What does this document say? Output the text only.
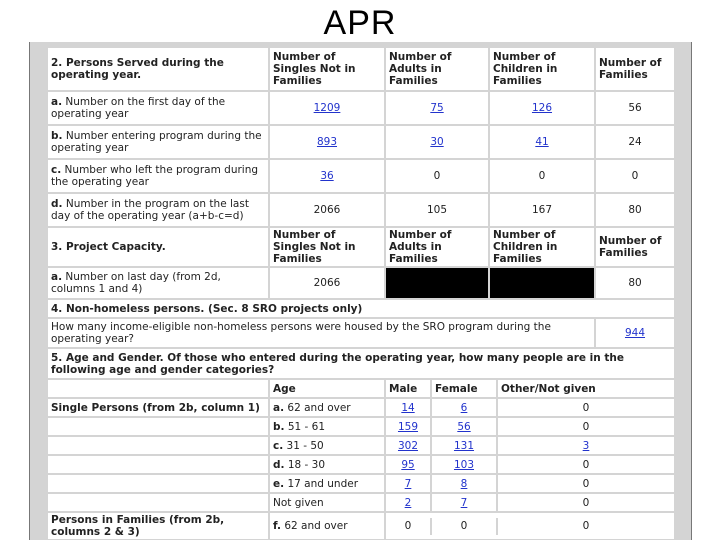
APR
2. Persons Served during the operating year.	Number of Singles Not in Families	Number of Adults in Families	Number of Children in Families	Number of Families
a. Number on the first day of the operating year	1209	75	126	56
b. Number entering program during the operating year	893	30	41	24
c. Number who left the program during the operating year	36	0	0	0
d. Number in the program on the last day of the operating year (a+b-c=d)	2066	105	167	80
3. Project Capacity.	Number of Singles Not in Families	Number of Adults in Families	Number of Children in Families	Number of Families
a. Number on last day (from 2d, columns 1 and 4)	2066			80
4. Non-homeless persons. (Sec. 8 SRO projects only)
How many income-eligible non-homeless persons were housed by the SRO program during the operating year?	944
5. Age and Gender. Of those who entered during the operating year, how many people are in the following age and gender categories?
	Age		Male	Female	Other/Not given

Single Persons (from 2b, column 1)	a. 62 and over		14	6	0

	b. 51 - 61		159	56	0

	c. 31 - 50		302	131	3

	d. 18 - 30		95	103	0

	e. 17 and under		7	8	0

	Not given		2	7	0

Persons in Families (from 2b, columns 2 & 3)	f. 62 and over		0	0	0
